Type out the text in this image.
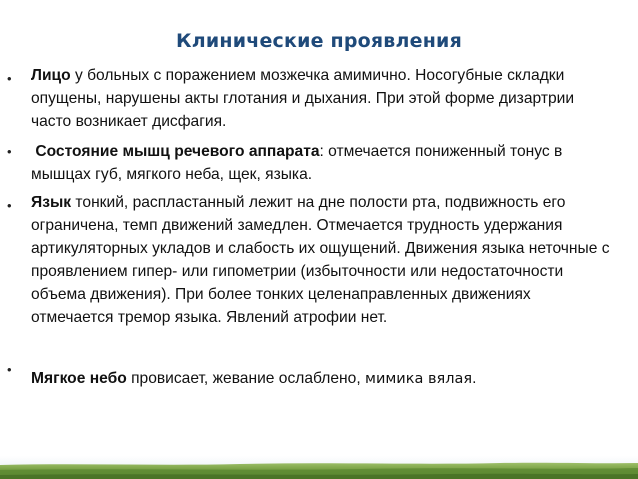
Клинические проявления
• Лицо у больных с поражением мозжечка амимично. Носогубные складки опущены, нарушены акты глотания и дыхания. При этой форме дизартрии часто возникает дисфагия.
• Состояние мышц речевого аппарата: отмечается пониженный тонус в мышцах губ, мягкого неба, щек, языка.
• Язык тонкий, распластанный лежит на дне полости рта, подвижность его ограничена, темп движений замедлен. Отмечается трудность удержания артикуляторных укладов и слабость их ощущений. Движения языка неточные с проявлением гипер- или гипометрии (избыточности или недостаточности объема движения). При более тонких целенаправленных движениях отмечается тремор языка. Явлений атрофии нет.
•
Мягкое небо провисает, жевание ослаблено, мимика вялая.
